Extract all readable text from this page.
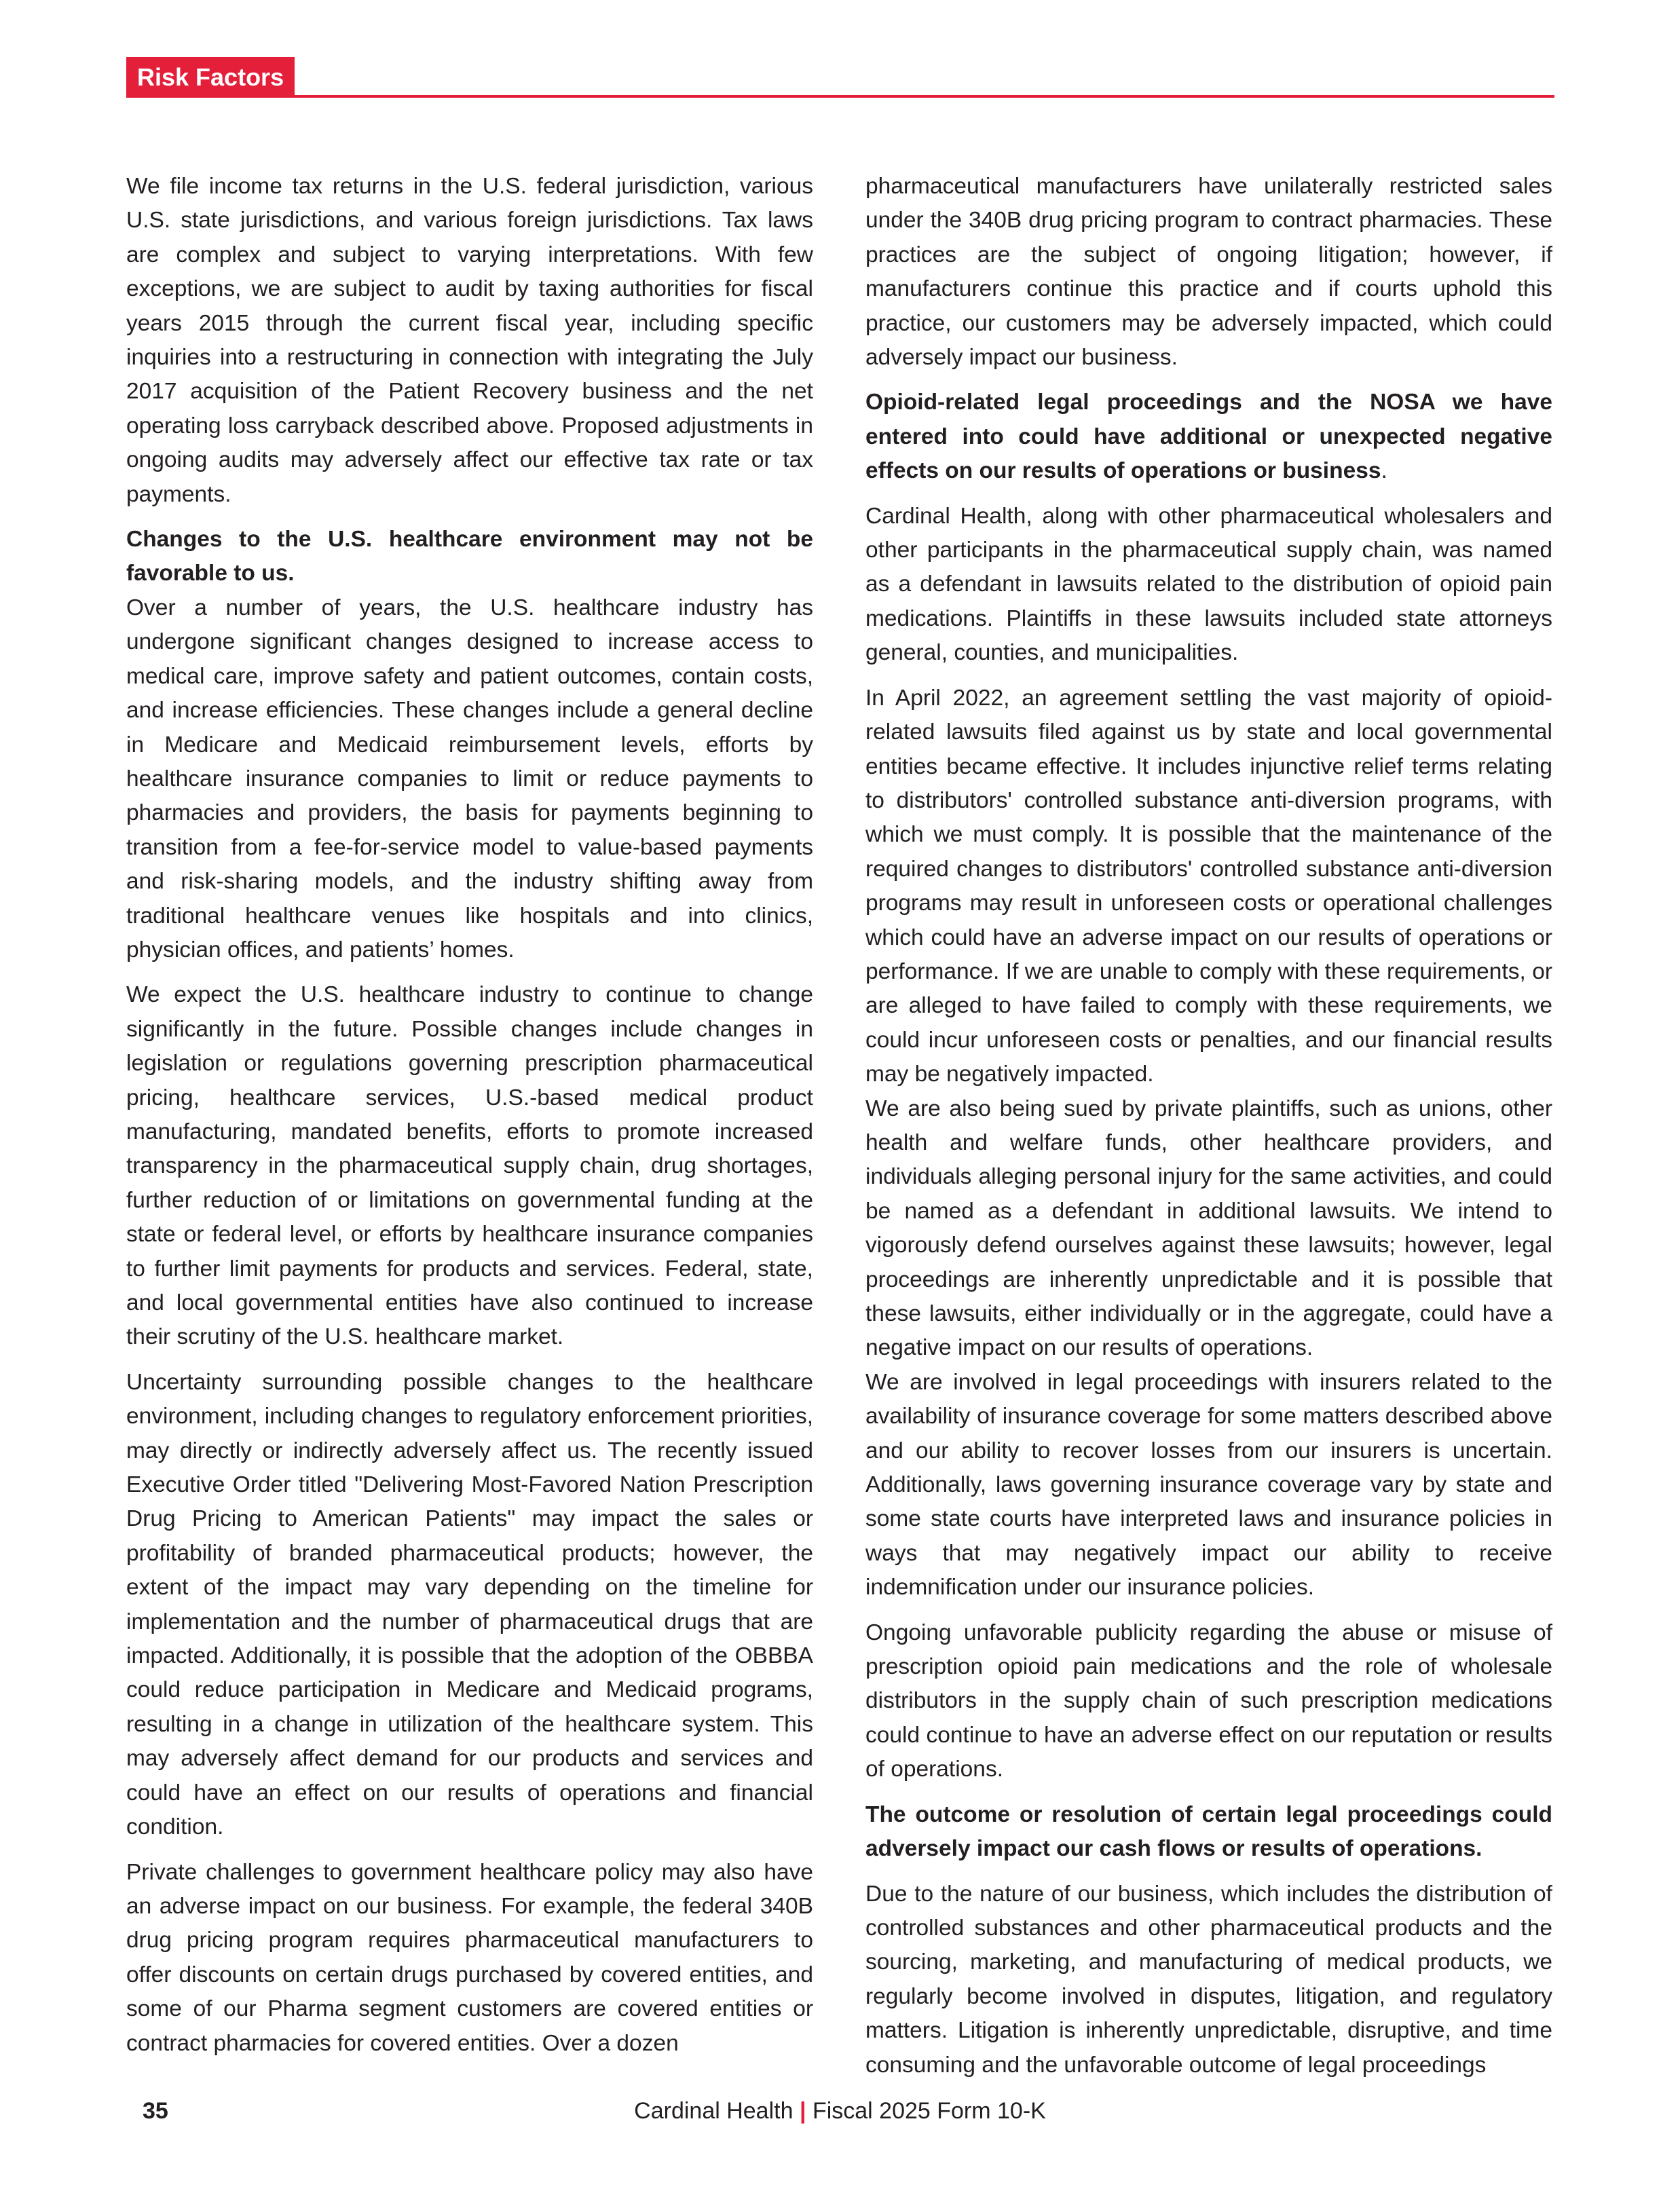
Risk Factors

We file income tax returns in the U.S. federal jurisdiction, various U.S. state jurisdictions, and various foreign jurisdictions. Tax laws are complex and subject to varying interpretations. With few exceptions, we are subject to audit by taxing authorities for fiscal years 2015 through the current fiscal year, including specific inquiries into a restructuring in connection with integrating the July 2017 acquisition of the Patient Recovery business and the net operating loss carryback described above. Proposed adjustments in ongoing audits may adversely affect our effective tax rate or tax payments.

Changes to the U.S. healthcare environment may not be favorable to us.

Over a number of years, the U.S. healthcare industry has undergone significant changes designed to increase access to medical care, improve safety and patient outcomes, contain costs, and increase efficiencies. These changes include a general decline in Medicare and Medicaid reimbursement levels, efforts by healthcare insurance companies to limit or reduce payments to pharmacies and providers, the basis for payments beginning to transition from a fee-for-service model to value-based payments and risk-sharing models, and the industry shifting away from traditional healthcare venues like hospitals and into clinics, physician offices, and patients’ homes.

We expect the U.S. healthcare industry to continue to change significantly in the future. Possible changes include changes in legislation or regulations governing prescription pharmaceutical pricing, healthcare services, U.S.-based medical product manufacturing, mandated benefits, efforts to promote increased transparency in the pharmaceutical supply chain, drug shortages, further reduction of or limitations on governmental funding at the state or federal level, or efforts by healthcare insurance companies to further limit payments for products and services. Federal, state, and local governmental entities have also continued to increase their scrutiny of the U.S. healthcare market.

Uncertainty surrounding possible changes to the healthcare environment, including changes to regulatory enforcement priorities, may directly or indirectly adversely affect us. The recently issued Executive Order titled "Delivering Most-Favored Nation Prescription Drug Pricing to American Patients" may impact the sales or profitability of branded pharmaceutical products; however, the extent of the impact may vary depending on the timeline for implementation and the number of pharmaceutical drugs that are impacted. Additionally, it is possible that the adoption of the OBBBA could reduce participation in Medicare and Medicaid programs, resulting in a change in utilization of the healthcare system. This may adversely affect demand for our products and services and could have an effect on our results of operations and financial condition.

Private challenges to government healthcare policy may also have an adverse impact on our business. For example, the federal 340B drug pricing program requires pharmaceutical manufacturers to offer discounts on certain drugs purchased by covered entities, and some of our Pharma segment customers are covered entities or contract pharmacies for covered entities. Over a dozen

pharmaceutical manufacturers have unilaterally restricted sales under the 340B drug pricing program to contract pharmacies. These practices are the subject of ongoing litigation; however, if manufacturers continue this practice and if courts uphold this practice, our customers may be adversely impacted, which could adversely impact our business.

Opioid-related legal proceedings and the NOSA we have entered into could have additional or unexpected negative effects on our results of operations or business.

Cardinal Health, along with other pharmaceutical wholesalers and other participants in the pharmaceutical supply chain, was named as a defendant in lawsuits related to the distribution of opioid pain medications. Plaintiffs in these lawsuits included state attorneys general, counties, and municipalities.

In April 2022, an agreement settling the vast majority of opioid-related lawsuits filed against us by state and local governmental entities became effective. It includes injunctive relief terms relating to distributors' controlled substance anti-diversion programs, with which we must comply. It is possible that the maintenance of the required changes to distributors' controlled substance anti-diversion programs may result in unforeseen costs or operational challenges which could have an adverse impact on our results of operations or performance. If we are unable to comply with these requirements, or are alleged to have failed to comply with these requirements, we could incur unforeseen costs or penalties, and our financial results may be negatively impacted.

We are also being sued by private plaintiffs, such as unions, other health and welfare funds, other healthcare providers, and individuals alleging personal injury for the same activities, and could be named as a defendant in additional lawsuits. We intend to vigorously defend ourselves against these lawsuits; however, legal proceedings are inherently unpredictable and it is possible that these lawsuits, either individually or in the aggregate, could have a negative impact on our results of operations.

We are involved in legal proceedings with insurers related to the availability of insurance coverage for some matters described above and our ability to recover losses from our insurers is uncertain. Additionally, laws governing insurance coverage vary by state and some state courts have interpreted laws and insurance policies in ways that may negatively impact our ability to receive indemnification under our insurance policies.

Ongoing unfavorable publicity regarding the abuse or misuse of prescription opioid pain medications and the role of wholesale distributors in the supply chain of such prescription medications could continue to have an adverse effect on our reputation or results of operations.

The outcome or resolution of certain legal proceedings could adversely impact our cash flows or results of operations.

Due to the nature of our business, which includes the distribution of controlled substances and other pharmaceutical products and the sourcing, marketing, and manufacturing of medical products, we regularly become involved in disputes, litigation, and regulatory matters. Litigation is inherently unpredictable, disruptive, and time consuming and the unfavorable outcome of legal proceedings

35	Cardinal Health | Fiscal 2025 Form 10-K
